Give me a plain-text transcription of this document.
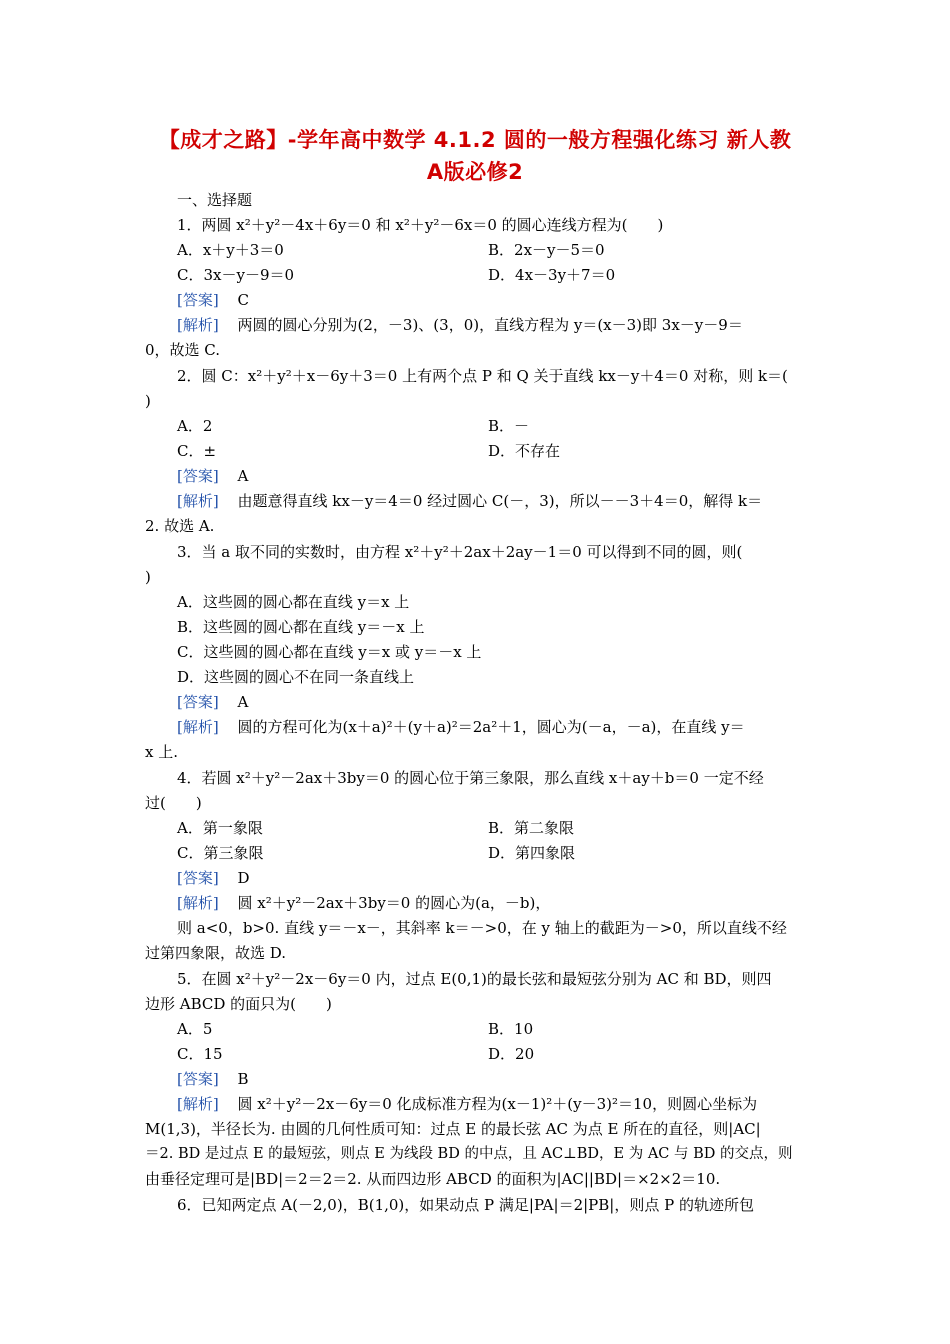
【成才之路】-学年高中数学 4.1.2 圆的一般方程强化练习 新人教
A版必修2
一、选择题
1．两圆 x²＋y²－4x＋6y＝0 和 x²＋y²－6x＝0 的圆心连线方程为(　　)
A．x＋y＋3＝0	B．2x－y－5＝0
C．3x－y－9＝0	D．4x－3y＋7＝0
[答案] C
[解析] 两圆的圆心分别为(2，－3)、(3，0)，直线方程为 y＝(x－3)即 3x－y－9＝
0，故选 C.
2．圆 C：x²＋y²＋x－6y＋3＝0 上有两个点 P 和 Q 关于直线 kx－y＋4＝0 对称，则 k＝(
)
A．2	B．－
C．±	D．不存在
[答案] A
[解析] 由题意得直线 kx－y＝4＝0 经过圆心 C(－，3)，所以－－3＋4＝0，解得 k＝
2. 故选 A.
3．当 a 取不同的实数时，由方程 x²＋y²＋2ax＋2ay－1＝0 可以得到不同的圆，则(
)
A．这些圆的圆心都在直线 y＝x 上
B．这些圆的圆心都在直线 y＝－x 上
C．这些圆的圆心都在直线 y＝x 或 y＝－x 上
D．这些圆的圆心不在同一条直线上
[答案] A
[解析] 圆的方程可化为(x＋a)²＋(y＋a)²＝2a²＋1，圆心为(－a，－a)，在直线 y＝
x 上.
4．若圆 x²＋y²－2ax＋3by＝0 的圆心位于第三象限，那么直线 x＋ay＋b＝0 一定不经
过(　　)
A．第一象限	B．第二象限
C．第三象限	D．第四象限
[答案] D
[解析] 圆 x²＋y²－2ax＋3by＝0 的圆心为(a，－b)，
则 a<0，b>0. 直线 y＝－x－，其斜率 k＝－>0，在 y 轴上的截距为－>0，所以直线不经
过第四象限，故选 D.
5．在圆 x²＋y²－2x－6y＝0 内，过点 E(0,1)的最长弦和最短弦分别为 AC 和 BD，则四
边形 ABCD 的面只为(　　)
A．5	B．10
C．15	D．20
[答案] B
[解析] 圆 x²＋y²－2x－6y＝0 化成标准方程为(x－1)²＋(y－3)²＝10，则圆心坐标为
M(1,3)，半径长为. 由圆的几何性质可知：过点 E 的最长弦 AC 为点 E 所在的直径，则|AC|
＝2. BD 是过点 E 的最短弦，则点 E 为线段 BD 的中点，且 AC⊥BD，E 为 AC 与 BD 的交点，则
由垂径定理可是|BD|＝2＝2＝2. 从而四边形 ABCD 的面积为|AC||BD|＝×2×2＝10.
6．已知两定点 A(－2,0)，B(1,0)，如果动点 P 满足|PA|＝2|PB|，则点 P 的轨迹所包
